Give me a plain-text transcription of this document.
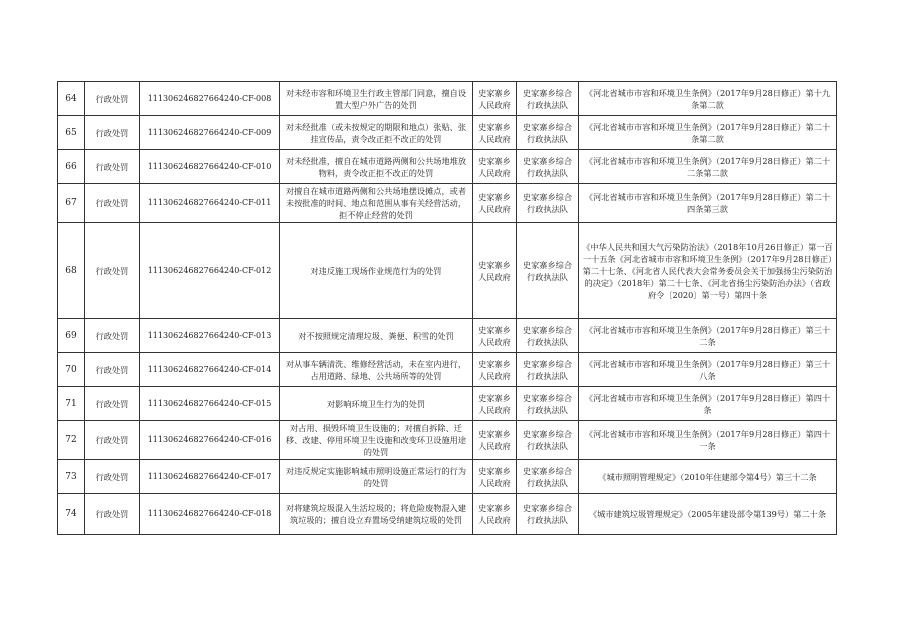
64	行政处罚	111306246827664240-CF-008	对未经市容和环境卫生行政主管部门同意，擅自设置大型户外广告的处罚	史家寨乡人民政府	史家寨乡综合行政执法队	《河北省城市市容和环境卫生条例》（2017年9月28日修正）第十九条第二款
65	行政处罚	111306246827664240-CF-009	对未经批准（或未按规定的期限和地点）张贴、张挂宣传品，责令改正拒不改正的处罚	史家寨乡人民政府	史家寨乡综合行政执法队	《河北省城市市容和环境卫生条例》（2017年9月28日修正）第二十条第二款
66	行政处罚	111306246827664240-CF-010	对未经批准，擅自在城市道路两侧和公共场地堆放物料，责令改正拒不改正的处罚	史家寨乡人民政府	史家寨乡综合行政执法队	《河北省城市市容和环境卫生条例》（2017年9月28日修正）第二十二条第二款
67	行政处罚	111306246827664240-CF-011	对擅自在城市道路两侧和公共场地摆设摊点，或者未按批准的时间、地点和范围从事有关经营活动，拒不停止经营的处罚	史家寨乡人民政府	史家寨乡综合行政执法队	《河北省城市市容和环境卫生条例》（2017年9月28日修正）第二十四条第三款
68	行政处罚	111306246827664240-CF-012	对违反施工现场作业规范行为的处罚	史家寨乡人民政府	史家寨乡综合行政执法队	《中华人民共和国大气污染防治法》（2018年10月26日修正）第一百一十五条《河北省城市市容和环境卫生条例》（2017年9月28日修正）第二十七条、《河北省人民代表大会常务委员会关于加强扬尘污染防治的决定》（2018年）第二十七条、《河北省扬尘污染防治办法》（省政府令〔2020〕第一号）第四十条
69	行政处罚	111306246827664240-CF-013	对不按照规定清理垃圾、粪便、积雪的处罚	史家寨乡人民政府	史家寨乡综合行政执法队	《河北省城市市容和环境卫生条例》（2017年9月28日修正）第三十二条
70	行政处罚	111306246827664240-CF-014	对从事车辆清洗、维修经营活动，未在室内进行，占用道路、绿地、公共场所等的处罚	史家寨乡人民政府	史家寨乡综合行政执法队	《河北省城市市容和环境卫生条例》（2017年9月28日修正）第三十八条
71	行政处罚	111306246827664240-CF-015	对影响环境卫生行为的处罚	史家寨乡人民政府	史家寨乡综合行政执法队	《河北省城市市容和环境卫生条例》（2017年9月28日修正）第四十条
72	行政处罚	111306246827664240-CF-016	对占用、损毁环境卫生设施的；对擅自拆除、迁移、改建、停用环境卫生设施和改变环卫设施用途的处罚	史家寨乡人民政府	史家寨乡综合行政执法队	《河北省城市市容和环境卫生条例》（2017年9月28日修正）第四十一条
73	行政处罚	111306246827664240-CF-017	对违反规定实施影响城市照明设施正常运行的行为的处罚	史家寨乡人民政府	史家寨乡综合行政执法队	《城市照明管理规定》（2010年住建部令第4号）第三十二条
74	行政处罚	111306246827664240-CF-018	对将建筑垃圾混入生活垃圾的；将危险废物混入建筑垃圾的；擅自设立弃置场受纳建筑垃圾的处罚	史家寨乡人民政府	史家寨乡综合行政执法队	《城市建筑垃圾管理规定》（2005年建设部令第139号）第二十条
